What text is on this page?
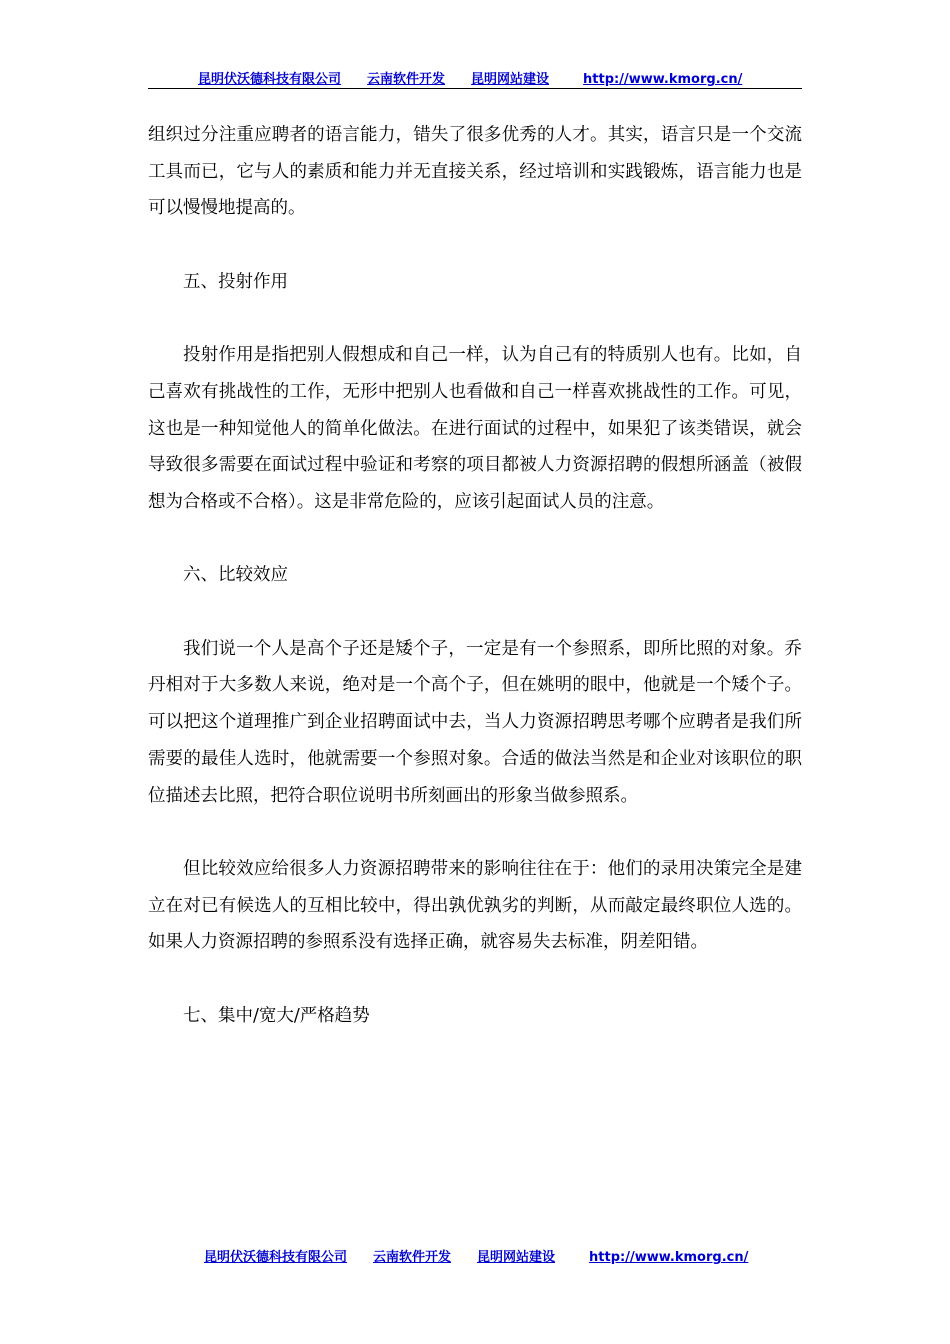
昆明伏沃德科技有限公司 云南软件开发 昆明网站建设	http://www.kmorg.cn/

组织过分注重应聘者的语言能力，错失了很多优秀的人才。其实，语言只是一个交流工具而已，它与人的素质和能力并无直接关系，经过培训和实践锻炼，语言能力也是可以慢慢地提高的。

五、投射作用

投射作用是指把别人假想成和自己一样，认为自己有的特质别人也有。比如，自己喜欢有挑战性的工作，无形中把别人也看做和自己一样喜欢挑战性的工作。可见，这也是一种知觉他人的简单化做法。在进行面试的过程中，如果犯了该类错误，就会导致很多需要在面试过程中验证和考察的项目都被人力资源招聘的假想所涵盖（被假想为合格或不合格）。这是非常危险的，应该引起面试人员的注意。

六、比较效应

我们说一个人是高个子还是矮个子，一定是有一个参照系，即所比照的对象。乔丹相对于大多数人来说，绝对是一个高个子，但在姚明的眼中，他就是一个矮个子。可以把这个道理推广到企业招聘面试中去，当人力资源招聘思考哪个应聘者是我们所需要的最佳人选时，他就需要一个参照对象。合适的做法当然是和企业对该职位的职位描述去比照，把符合职位说明书所刻画出的形象当做参照系。

但比较效应给很多人力资源招聘带来的影响往往在于：他们的录用决策完全是建立在对已有候选人的互相比较中，得出孰优孰劣的判断，从而敲定最终职位人选的。如果人力资源招聘的参照系没有选择正确，就容易失去标准，阴差阳错。

七、集中/宽大/严格趋势

昆明伏沃德科技有限公司 云南软件开发 昆明网站建设	http://www.kmorg.cn/
